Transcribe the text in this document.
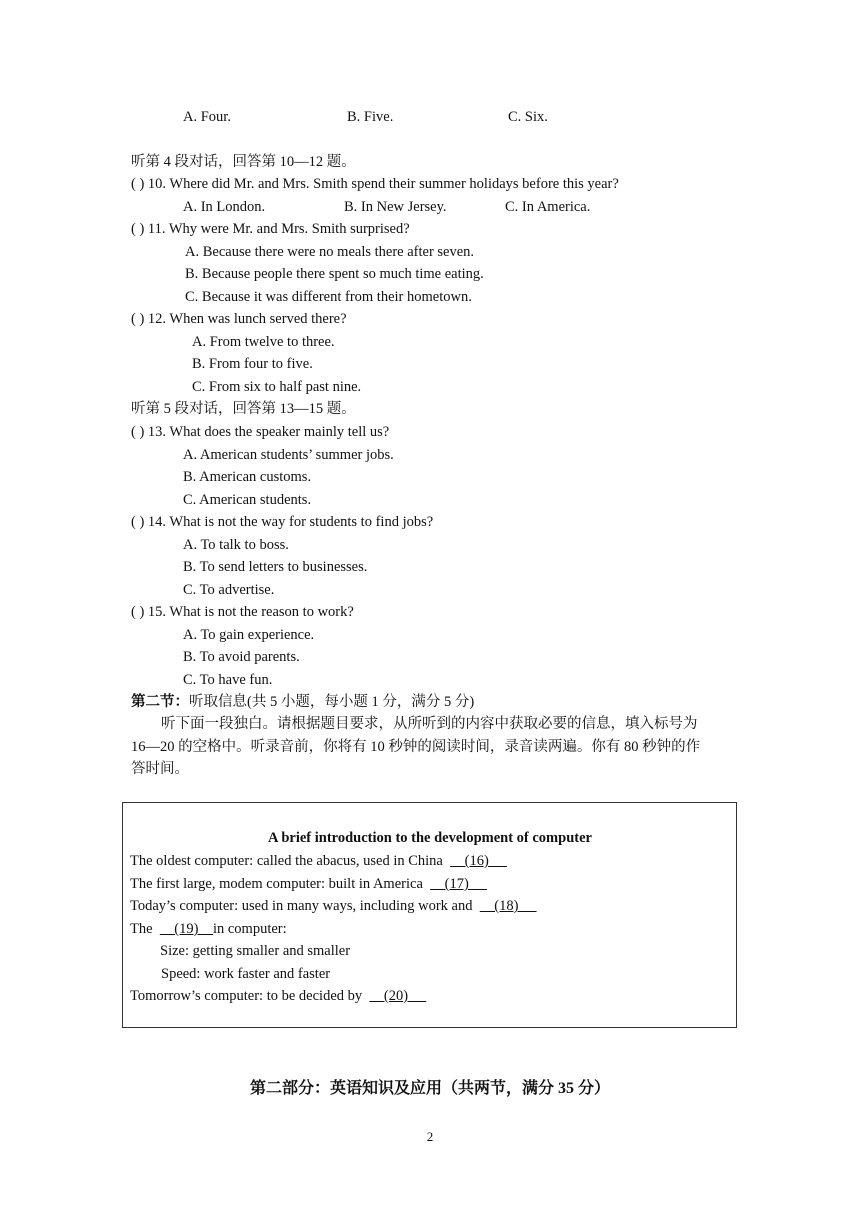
A. Four.	B. Five.	C. Six.
听第 4 段对话，回答第 10—12 题。
( ) 10. Where did Mr. and Mrs. Smith spend their summer holidays before this year?
A. In London.	B. In New Jersey.	C. In America.
( ) 11. Why were Mr. and Mrs. Smith surprised?
A. Because there were no meals there after seven.
B. Because people there spent so much time eating.
C. Because it was different from their hometown.
( ) 12. When was lunch served there?
A. From twelve to three.
B. From four to five.
C. From six to half past nine.
听第 5 段对话，回答第 13—15 题。
( ) 13. What does the speaker mainly tell us?
A. American students’ summer jobs.
B. American customs.
C. American students.
( ) 14. What is not the way for students to find jobs?
A. To talk to boss.
B. To send letters to businesses.
C. To advertise.
( ) 15. What is not the reason to work?
A. To gain experience.
B. To avoid parents.
C. To have fun.
第二节：听取信息(共 5 小题，每小题 1 分，满分 5 分)
听下面一段独白。请根据题目要求，从所听到的内容中获取必要的信息，填入标号为
16—20 的空格中。听录音前，你将有 10 秒钟的阅读时间，录音读两遍。你有 80 秒钟的作
答时间。
A brief introduction to the development of computer
The oldest computer: called the abacus, used in China      (16)
The first large, modem computer: built in America      (17)
Today’s computer: used in many ways, including work and      (18)
The      (19)    in computer:
Size: getting smaller and smaller
Speed: work faster and faster
Tomorrow’s computer: to be decided by      (20)
第二部分：英语知识及应用（共两节，满分 35 分）
2
